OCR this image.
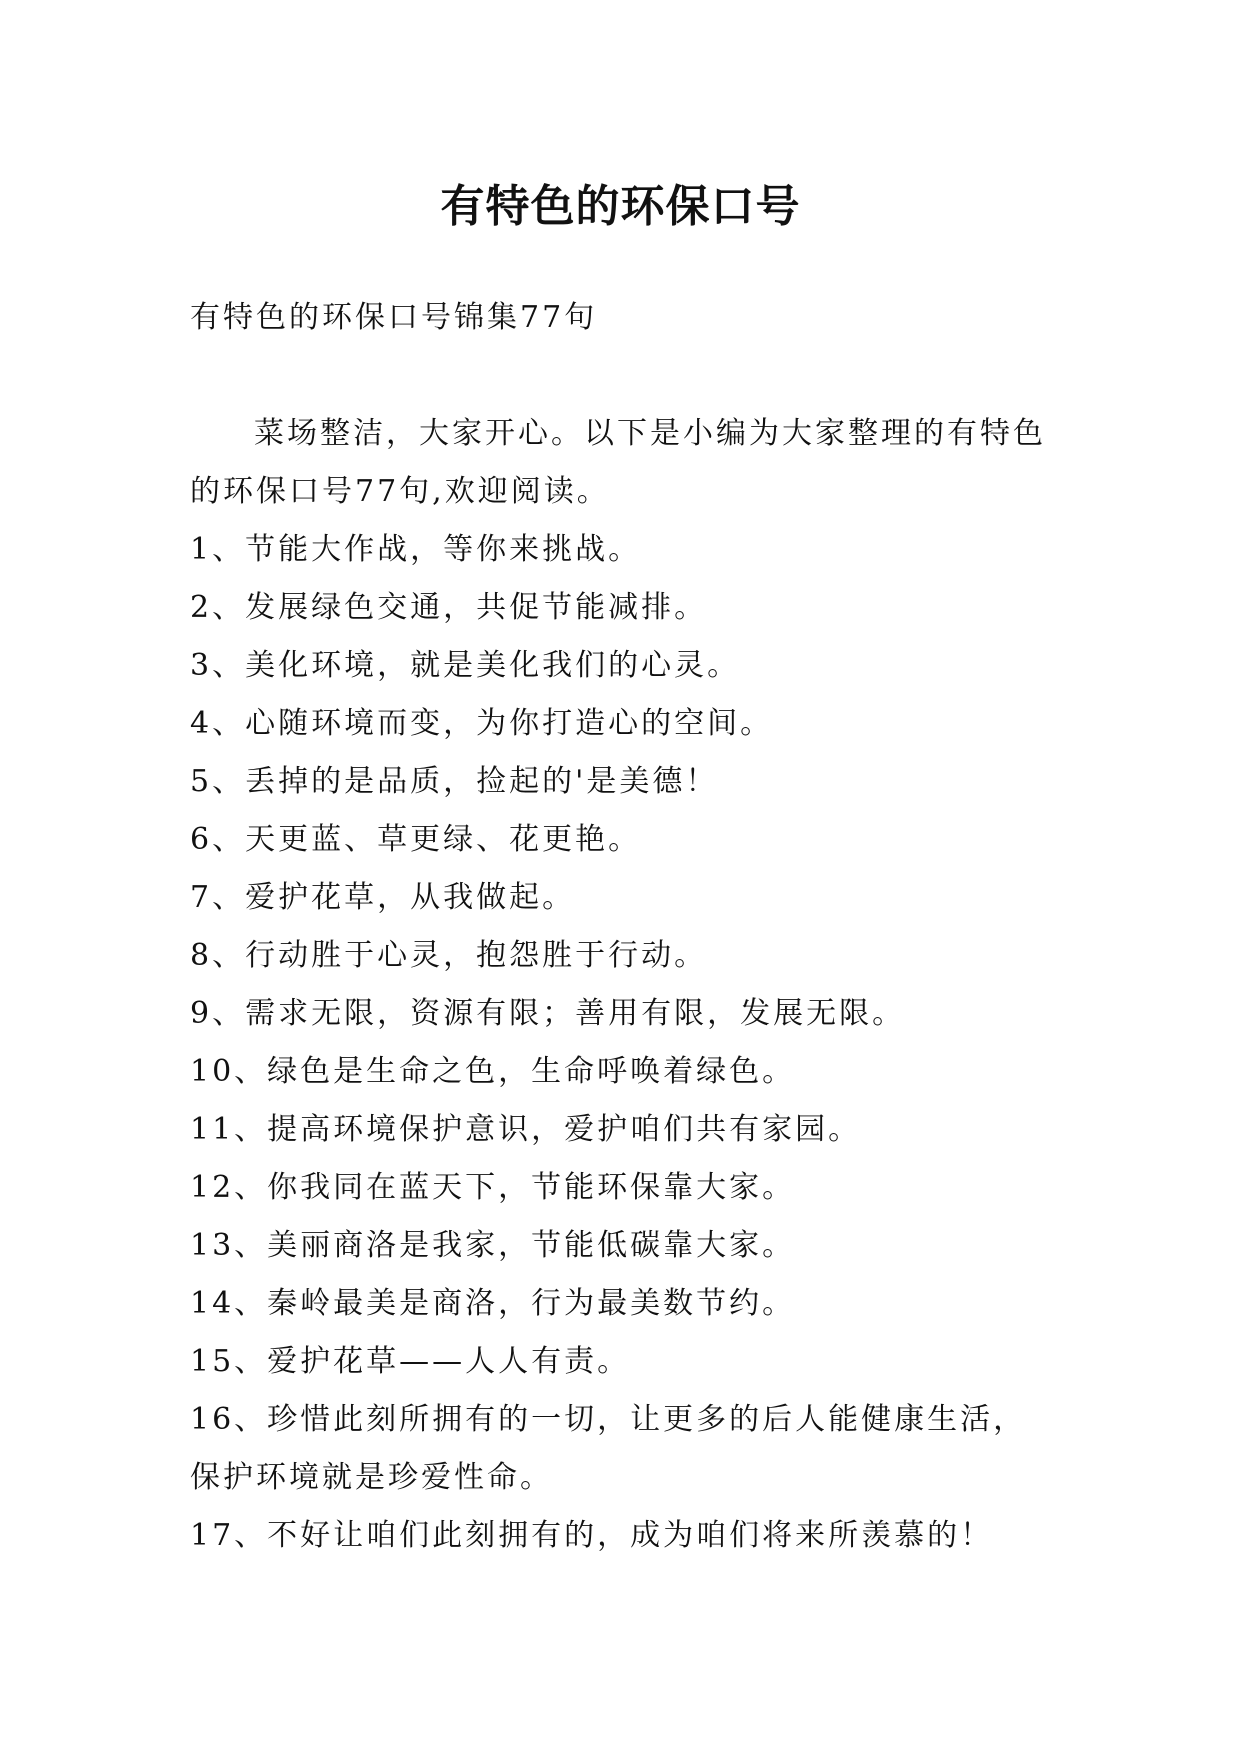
有特色的环保口号

有特色的环保口号锦集77句

菜场整洁，大家开心。以下是小编为大家整理的有特色的环保口号77句,欢迎阅读。

1、节能大作战，等你来挑战。
2、发展绿色交通，共促节能减排。
3、美化环境，就是美化我们的心灵。
4、心随环境而变，为你打造心的空间。
5、丢掉的是品质，捡起的'是美德！
6、天更蓝、草更绿、花更艳。
7、爱护花草，从我做起。
8、行动胜于心灵，抱怨胜于行动。
9、需求无限，资源有限；善用有限，发展无限。
10、绿色是生命之色，生命呼唤着绿色。
11、提高环境保护意识，爱护咱们共有家园。
12、你我同在蓝天下，节能环保靠大家。
13、美丽商洛是我家，节能低碳靠大家。
14、秦岭最美是商洛，行为最美数节约。
15、爱护花草——人人有责。
16、珍惜此刻所拥有的一切，让更多的后人能健康生活，保护环境就是珍爱性命。
17、不好让咱们此刻拥有的，成为咱们将来所羡慕的！
